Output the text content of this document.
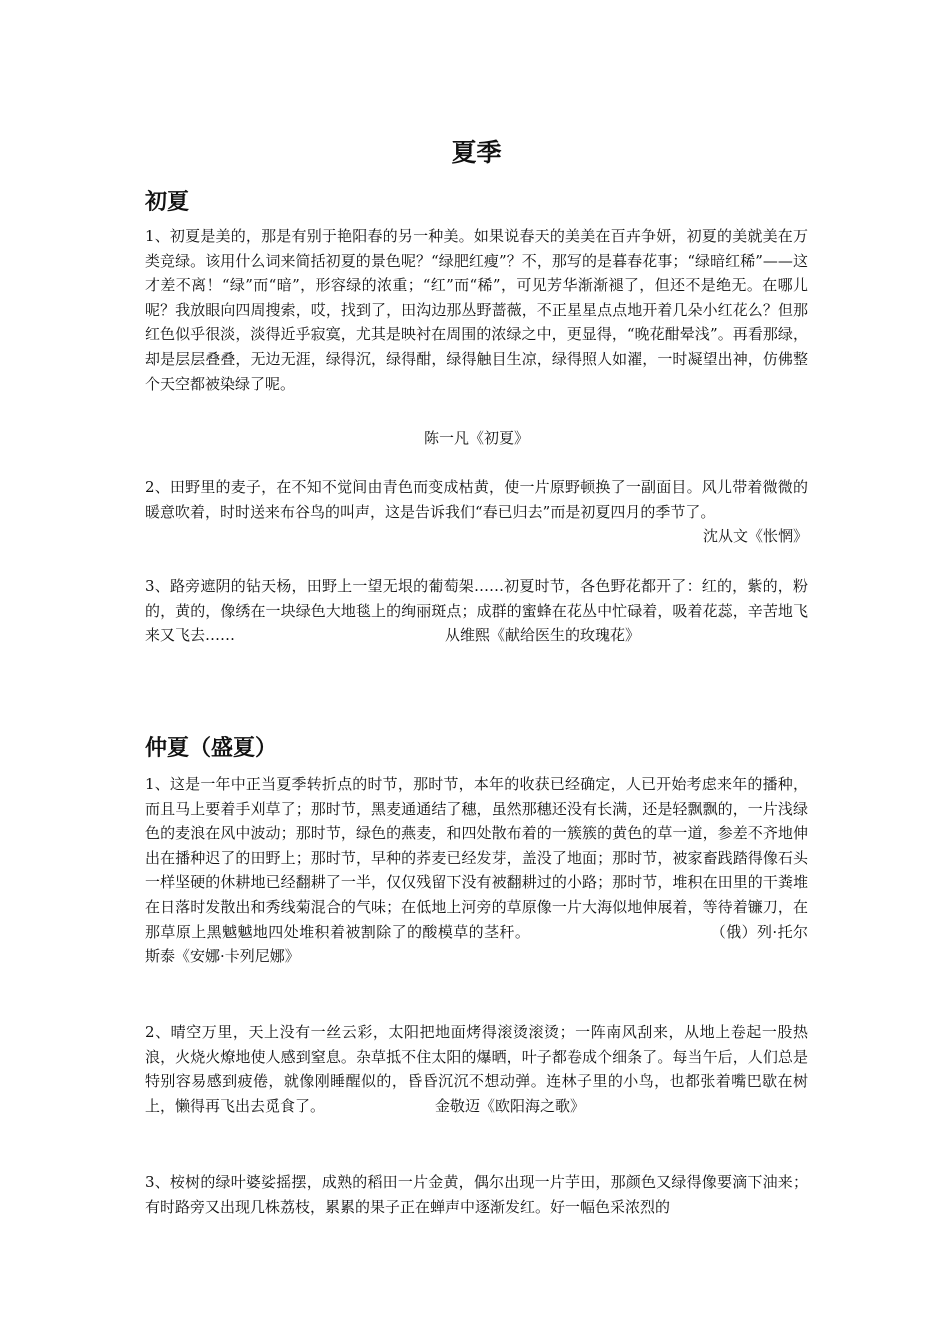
夏季
初夏

1、初夏是美的，那是有别于艳阳春的另一种美。如果说春天的美美在百卉争妍，初夏的美就美在万类竞绿。该用什么词来简括初夏的景色呢？“绿肥红瘦”？不，那写的是暮春花事；“绿暗红稀”——这才差不离！“绿”而“暗”，形容绿的浓重；“红”而“稀”，可见芳华渐渐褪了，但还不是绝无。在哪儿呢？我放眼向四周搜索，哎，找到了，田沟边那丛野蔷薇，不正星星点点地开着几朵小红花么？但那红色似乎很淡，淡得近乎寂寞，尤其是映衬在周围的浓绿之中，更显得，“晚花酣晕浅”。再看那绿，却是层层叠叠，无边无涯，绿得沉，绿得酣，绿得触目生凉，绿得照人如濯，一时凝望出神，仿佛整个天空都被染绿了呢。

陈一凡《初夏》

2、田野里的麦子，在不知不觉间由青色而变成枯黄，使一片原野顿换了一副面目。风儿带着微微的暖意吹着，时时送来布谷鸟的叫声，这是告诉我们“春已归去”而是初夏四月的季节了。
沈从文《怅惘》

3、路旁遮阴的钻天杨，田野上一望无垠的葡萄架……初夏时节，各色野花都开了：红的，紫的，粉的，黄的，像绣在一块绿色大地毯上的绚丽斑点；成群的蜜蜂在花丛中忙碌着，吸着花蕊，辛苦地飞来又飞去……	从维熙《献给医生的玫瑰花》

仲夏（盛夏）

1、这是一年中正当夏季转折点的时节，那时节，本年的收获已经确定，人已开始考虑来年的播种，而且马上要着手刈草了；那时节，黑麦通通结了穗，虽然那穗还没有长满，还是轻飘飘的，一片浅绿色的麦浪在风中波动；那时节，绿色的燕麦，和四处散布着的一簇簇的黄色的草一道，参差不齐地伸出在播种迟了的田野上；那时节，早种的荞麦已经发芽，盖没了地面；那时节，被家畜践踏得像石头一样坚硬的休耕地已经翻耕了一半，仅仅残留下没有被翻耕过的小路；那时节，堆积在田里的干粪堆在日落时发散出和秀线菊混合的气味；在低地上河旁的草原像一片大海似地伸展着，等待着镰刀，在那草原上黑魆魆地四处堆积着被割除了的酸模草的茎秆。	（俄）列·托尔斯泰《安娜·卡列尼娜》

2、晴空万里，天上没有一丝云彩，太阳把地面烤得滚烫滚烫；一阵南风刮来，从地上卷起一股热浪，火烧火燎地使人感到窒息。杂草抵不住太阳的爆晒，叶子都卷成个细条了。每当午后，人们总是特别容易感到疲倦，就像刚睡醒似的，昏昏沉沉不想动弹。连林子里的小鸟，也都张着嘴巴歇在树上，懒得再飞出去觅食了。	金敬迈《欧阳海之歌》

3、桉树的绿叶婆娑摇摆，成熟的稻田一片金黄，偶尔出现一片芋田，那颜色又绿得像要滴下油来；有时路旁又出现几株荔枝，累累的果子正在蝉声中逐渐发红。好一幅色采浓烈的
